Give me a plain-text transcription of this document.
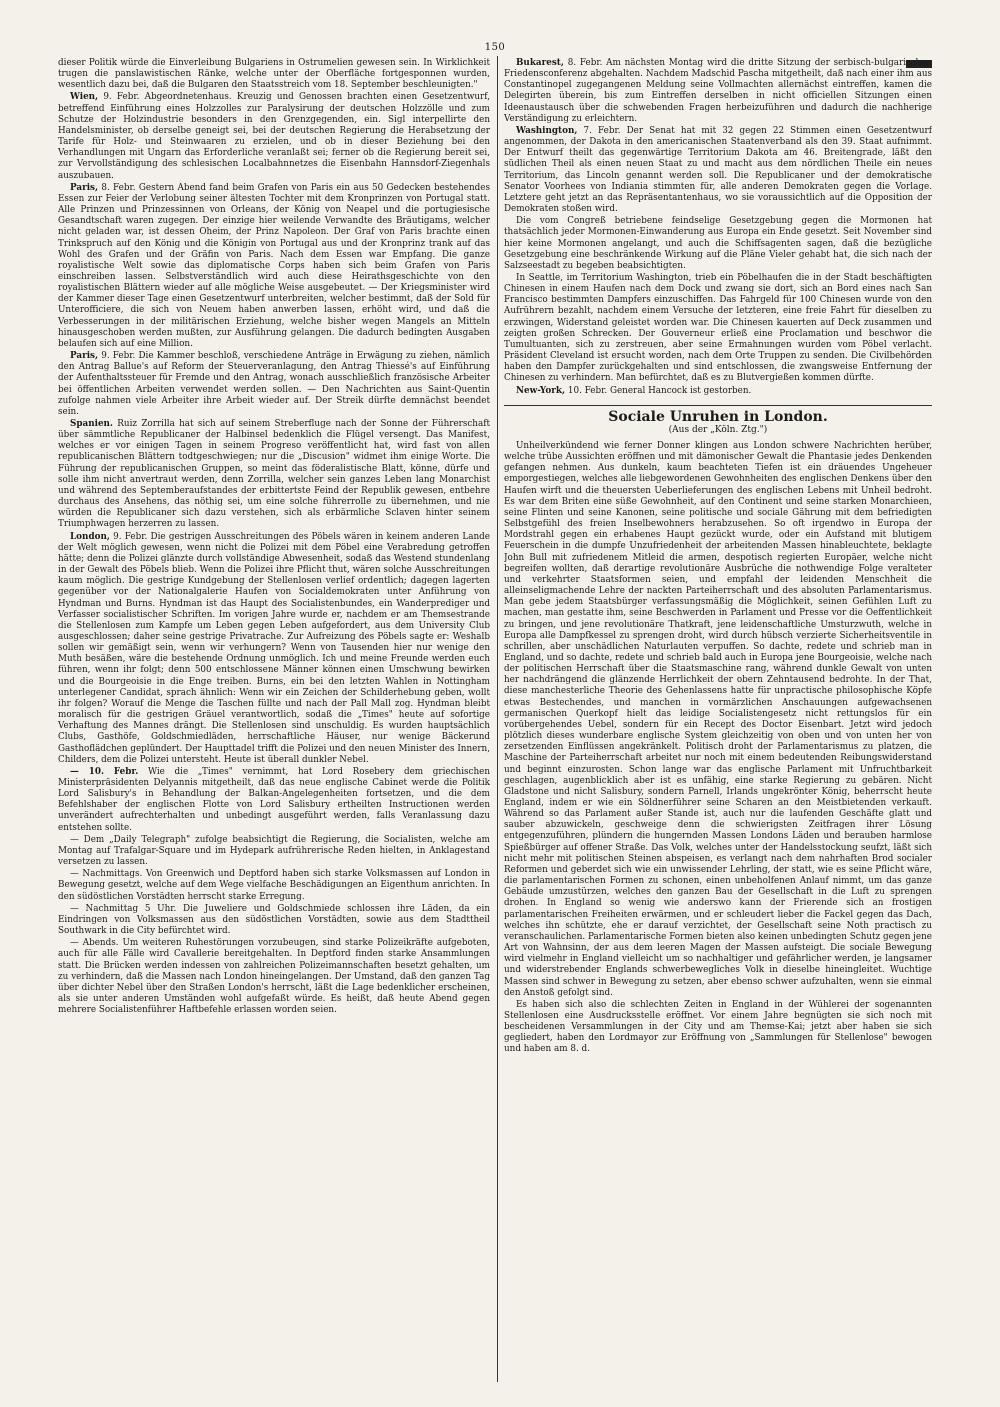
150

dieser Politik würde die Einverleibung Bulgariens in Ostrumelien gewesen sein. In Wirklichkeit trugen die panslawistischen Ränke, welche unter der Oberfläche fortgesponnen wurden, wesentlich dazu bei, daß die Bulgaren den Staatsstreich vom 18. September beschleunigten."

Wien, 9. Febr. Abgeordnetenhaus. Kreuzig und Genossen brachten einen Gesetzentwurf, betreffend Einführung eines Holzzolles zur Paralysirung der deutschen Holzzölle und zum Schutze der Holzindustrie besonders in den Grenzgegenden, ein. Sigl interpellirte den Handelsminister, ob derselbe geneigt sei, bei der deutschen Regierung die Herabsetzung der Tarife für Holz- und Steinwaaren zu erzielen, und ob in dieser Beziehung bei den Verhandlungen mit Ungarn das Erforderliche veranlaßt sei; ferner ob die Regierung bereit sei, zur Vervollständigung des schlesischen Localbahnnetzes die Eisenbahn Hannsdorf-Ziegenhals auszubauen.

Paris, 8. Febr. Gestern Abend fand beim Grafen von Paris ein aus 50 Gedecken bestehendes Essen zur Feier der Verlobung seiner ältesten Tochter mit dem Kronprinzen von Portugal statt. Alle Prinzen und Prinzessinnen von Orleans, der König von Neapel und die portugiesische Gesandtschaft waren zugegen. Der einzige hier weilende Verwandte des Bräutigams, welcher nicht geladen war, ist dessen Oheim, der Prinz Napoleon. Der Graf von Paris brachte einen Trinkspruch auf den König und die Königin von Portugal aus und der Kronprinz trank auf das Wohl des Grafen und der Gräfin von Paris. Nach dem Essen war Empfang. Die ganze royalistische Welt sowie das diplomatische Corps haben sich beim Grafen von Paris einschreiben lassen. Selbstverständlich wird auch diese Heirathsgeschichte von den royalistischen Blättern wieder auf alle mögliche Weise ausgebeutet. — Der Kriegsminister wird der Kammer dieser Tage einen Gesetzentwurf unterbreiten, welcher bestimmt, daß der Sold für Unterofficiere, die sich von Neuem haben anwerben lassen, erhöht wird, und daß die Verbesserungen in der militärischen Erziehung, welche bisher wegen Mangels an Mitteln hinausgeschoben werden mußten, zur Ausführung gelangen. Die dadurch bedingten Ausgaben belaufen sich auf eine Million.

Paris, 9. Febr. Die Kammer beschloß, verschiedene Anträge in Erwägung zu ziehen, nämlich den Antrag Ballue's auf Reform der Steuerveranlagung, den Antrag Thiessé's auf Einführung der Aufenthaltssteuer für Fremde und den Antrag, wonach ausschließlich französische Arbeiter bei öffentlichen Arbeiten verwendet werden sollen. — Den Nachrichten aus Saint-Quentin zufolge nahmen viele Arbeiter ihre Arbeit wieder auf. Der Streik dürfte demnächst beendet sein.

Spanien. Ruiz Zorrilla hat sich auf seinem Streberfluge nach der Sonne der Führerschaft über sämmtliche Republicaner der Halbinsel bedenklich die Flügel versengt. Das Manifest, welches er vor einigen Tagen in seinem Progreso veröffentlicht hat, wird fast von allen republicanischen Blättern todtgeschwiegen; nur die „Discusion" widmet ihm einige Worte. Die Führung der republicanischen Gruppen, so meint das föderalistische Blatt, könne, dürfe und solle ihm nicht anvertraut werden, denn Zorrilla, welcher sein ganzes Leben lang Monarchist und während des Septemberaufstandes der erbittertste Feind der Republik gewesen, entbehre durchaus des Ansehens, das nöthig sei, um eine solche führerrolle zu übernehmen, und nie würden die Republicaner sich dazu verstehen, sich als erbärmliche Sclaven hinter seinem Triumphwagen herzerren zu lassen.

London, 9. Febr. Die gestrigen Ausschreitungen des Pöbels wären in keinem anderen Lande der Welt möglich gewesen, wenn nicht die Polizei mit dem Pöbel eine Verabredung getroffen hätte; denn die Polizei glänzte durch vollständige Abwesenheit, sodaß das Westend stundenlang in der Gewalt des Pöbels blieb. Wenn die Polizei ihre Pflicht thut, wären solche Ausschreitungen kaum möglich. Die gestrige Kundgebung der Stellenlosen verlief ordentlich; dagegen lagerten gegenüber vor der Nationalgalerie Haufen von Socialdemokraten unter Anführung von Hyndman und Burns. Hyndman ist das Haupt des Socialistenbundes, ein Wanderprediger und Verfasser socialistischer Schriften. Im vorigen Jahre wurde er, nachdem er am Themsestrande die Stellenlosen zum Kampfe um Leben gegen Leben aufgefordert, aus dem University Club ausgeschlossen; daher seine gestrige Privatrache. Zur Aufreizung des Pöbels sagte er: Weshalb sollen wir gemäßigt sein, wenn wir verhungern? Wenn von Tausenden hier nur wenige den Muth besäßen, wäre die bestehende Ordnung unmöglich. Ich und meine Freunde werden euch führen, wenn ihr folgt; denn 500 entschlossene Männer können einen Umschwung bewirken und die Bourgeoisie in die Enge treiben. Burns, ein bei den letzten Wahlen in Nottingham unterlegener Candidat, sprach ähnlich: Wenn wir ein Zeichen der Schilderhebung geben, wollt ihr folgen? Worauf die Menge die Taschen füllte und nach der Pall Mall zog. Hyndman bleibt moralisch für die gestrigen Gräuel verantwortlich, sodaß die „Times" heute auf sofortige Verhaftung des Mannes drängt. Die Stellenlosen sind unschuldig. Es wurden hauptsächlich Clubs, Gasthöfe, Goldschmiedläden, herrschaftliche Häuser, nur wenige Bäckerund Gasthoflädchen geplündert. Der Haupttadel trifft die Polizei und den neuen Minister des Innern, Childers, dem die Polizei untersteht. Heute ist überall dunkler Nebel.

— 10. Febr. Wie die „Times" vernimmt, hat Lord Rosebery dem griechischen Ministerpräsidenten Delyannis mitgetheilt, daß das neue englische Cabinet werde die Politik Lord Salisbury's in Behandlung der Balkan-Angelegenheiten fortsetzen, und die dem Befehlshaber der englischen Flotte von Lord Salisbury ertheilten Instructionen werden unverändert aufrechterhalten und unbedingt ausgeführt werden, falls Veranlassung dazu entstehen sollte.

— Dem „Daily Telegraph" zufolge beabsichtigt die Regierung, die Socialisten, welche am Montag auf Trafalgar-Square und im Hydepark aufrührerische Reden hielten, in Anklagestand versetzen zu lassen.

— Nachmittags. Von Greenwich und Deptford haben sich starke Volksmassen auf London in Bewegung gesetzt, welche auf dem Wege vielfache Beschädigungen an Eigenthum anrichten. In den südöstlichen Vorstädten herrscht starke Erregung.

— Nachmittag 5 Uhr. Die Juweliere und Goldschmiede schlossen ihre Läden, da ein Eindringen von Volksmassen aus den südöstlichen Vorstädten, sowie aus dem Stadttheil Southwark in die City befürchtet wird.

— Abends. Um weiteren Ruhestörungen vorzubeugen, sind starke Polizeikräfte aufgeboten, auch für alle Fälle wird Cavallerie bereitgehalten. In Deptford finden starke Ansammlungen statt. Die Brücken werden indessen von zahlreichen Polizeimannschaften besetzt gehalten, um zu verhindern, daß die Massen nach London hineingelangen. Der Umstand, daß den ganzen Tag über dichter Nebel über den Straßen London's herrscht, läßt die Lage bedenklicher erscheinen, als sie unter anderen Umständen wohl aufgefaßt würde. Es heißt, daß heute Abend gegen mehrere Socialistenführer Haftbefehle erlassen worden seien.

Bukarest, 8. Febr. Am nächsten Montag wird die dritte Sitzung der serbisch-bulgarischen Friedensconferenz abgehalten. Nachdem Madschid Pascha mitgetheilt, daß nach einer ihm aus Constantinopel zugegangenen Meldung seine Vollmachten allernächst eintreffen, kamen die Delegirten überein, bis zum Eintreffen derselben in nicht officiellen Sitzungen einen Ideenaustausch über die schwebenden Fragen herbeizuführen und dadurch die nachherige Verständigung zu erleichtern.

Washington, 7. Febr. Der Senat hat mit 32 gegen 22 Stimmen einen Gesetzentwurf angenommen, der Dakota in den americanischen Staatenverband als den 39. Staat aufnimmt. Der Entwurf theilt das gegenwärtige Territorium Dakota am 46. Breitengrade, läßt den südlichen Theil als einen neuen Staat zu und macht aus dem nördlichen Theile ein neues Territorium, das Lincoln genannt werden soll. Die Republicaner und der demokratische Senator Voorhees von Indiania stimmten für, alle anderen Demokraten gegen die Vorlage. Letztere geht jetzt an das Repräsentantenhaus, wo sie voraussichtlich auf die Opposition der Demokraten stoßen wird.

Die vom Congreß betriebene feindselige Gesetzgebung gegen die Mormonen hat thatsächlich jeder Mormonen-Einwanderung aus Europa ein Ende gesetzt. Seit November sind hier keine Mormonen angelangt, und auch die Schiffsagenten sagen, daß die bezügliche Gesetzgebung eine beschränkende Wirkung auf die Pläne Vieler gehabt hat, die sich nach der Salzseestadt zu begeben beabsichtigten.

In Seattle, im Territorium Washington, trieb ein Pöbelhaufen die in der Stadt beschäftigten Chinesen in einem Haufen nach dem Dock und zwang sie dort, sich an Bord eines nach San Francisco bestimmten Dampfers einzuschiffen. Das Fahrgeld für 100 Chinesen wurde von den Aufrührern bezahlt, nachdem einem Versuche der letzteren, eine freie Fahrt für dieselben zu erzwingen, Widerstand geleistet worden war. Die Chinesen kauerten auf Deck zusammen und zeigten großen Schrecken. Der Gouverneur erließ eine Proclamation und beschwor die Tumultuanten, sich zu zerstreuen, aber seine Ermahnungen wurden vom Pöbel verlacht. Präsident Cleveland ist ersucht worden, nach dem Orte Truppen zu senden. Die Civilbehörden haben den Dampfer zurückgehalten und sind entschlossen, die zwangsweise Entfernung der Chinesen zu verhindern. Man befürchtet, daß es zu Blutvergießen kommen dürfte.

New-York, 10. Febr. General Hancock ist gestorben.

Sociale Unruhen in London.
(Aus der „Köln. Ztg.")

Unheilverkündend wie ferner Donner klingen aus London schwere Nachrichten herüber, welche trübe Aussichten eröffnen und mit dämonischer Gewalt die Phantasie jedes Denkenden gefangen nehmen. Aus dunkeln, kaum beachteten Tiefen ist ein dräuendes Ungeheuer emporgestiegen, welches alle liebgewordenen Gewohnheiten des englischen Denkens über den Haufen wirft und die theuersten Ueberlieferungen des englischen Lebens mit Unheil bedroht. Es war dem Briten eine süße Gewohnheit, auf den Continent und seine starken Monarchieen, seine Flinten und seine Kanonen, seine politische und sociale Gährung mit dem befriedigten Selbstgefühl des freien Inselbewohners herabzusehen. So oft irgendwo in Europa der Mordstrahl gegen ein erhabenes Haupt gezückt wurde, oder ein Aufstand mit blutigem Feuerschein in die dumpfe Unzufriedenheit der arbeitenden Massen hinableuchtete, beklagte John Bull mit zufriedenem Mitleid die armen, despotisch regierten Europäer, welche nicht begreifen wollten, daß derartige revolutionäre Ausbrüche die nothwendige Folge veralteter und verkehrter Staatsformen seien, und empfahl der leidenden Menschheit die alleinseligmachende Lehre der nackten Parteiherrschaft und des absoluten Parlamentarismus. Man gebe jedem Staatsbürger verfassungsmäßig die Möglichkeit, seinen Gefühlen Luft zu machen, man gestatte ihm, seine Beschwerden in Parlament und Presse vor die Oeffentlichkeit zu bringen, und jene revolutionäre Thatkraft, jene leidenschaftliche Umsturzwuth, welche in Europa alle Dampfkessel zu sprengen droht, wird durch hübsch verzierte Sicherheitsventile in schrillen, aber unschädlichen Naturlauten verpuffen. So dachte, redete und schrieb man in England, und so dachte, redete und schrieb bald auch in Europa jene Bourgeoisie, welche nach der politischen Herrschaft über die Staatsmaschine rang, während dunkle Gewalt von unten her nachdrängend die glänzende Herrlichkeit der obern Zehntausend bedrohte. In der That, diese manchesterliche Theorie des Gehenlassens hatte für unpractische philosophische Köpfe etwas Bestechendes, und manchen in vormärzlichen Anschauungen aufgewachsenen germanischen Querkopf hielt das leidige Socialistengesetz nicht rettungslos für ein vorübergehendes Uebel, sondern für ein Recept des Doctor Eisenbart. Jetzt wird jedoch plötzlich dieses wunderbare englische System gleichzeitig von oben und von unten her von zersetzenden Einflüssen angekränkelt. Politisch droht der Parlamentarismus zu platzen, die Maschine der Parteiherrschaft arbeitet nur noch mit einem bedeutenden Reibungswiderstand und beginnt einzurosten. Schon lange war das englische Parlament mit Unfruchtbarkeit geschlagen, augenblicklich aber ist es unfähig, eine starke Regierung zu gebären. Nicht Gladstone und nicht Salisbury, sondern Parnell, Irlands ungekrönter König, beherrscht heute England, indem er wie ein Söldnerführer seine Scharen an den Meistbietenden verkauft. Während so das Parlament außer Stande ist, auch nur die laufenden Geschäfte glatt und sauber abzuwickeln, geschweige denn die schwierigsten Zeitfragen ihrer Lösung entgegenzuführen, plündern die hungernden Massen Londons Läden und berauben harmlose Spießbürger auf offener Straße. Das Volk, welches unter der Handelsstockung seufzt, läßt sich nicht mehr mit politischen Steinen abspeisen, es verlangt nach dem nahrhaften Brod socialer Reformen und geberdet sich wie ein unwissender Lehrling, der statt, wie es seine Pflicht wäre, die parlamentarischen Formen zu schonen, einen unbeholfenen Anlauf nimmt, um das ganze Gebäude umzustürzen, welches den ganzen Bau der Gesellschaft in die Luft zu sprengen drohen. In England so wenig wie anderswo kann der Frierende sich an frostigen parlamentarischen Freiheiten erwärmen, und er schleudert lieber die Fackel gegen das Dach, welches ihn schützte, ehe er darauf verzichtet, der Gesellschaft seine Noth practisch zu veranschaulichen. Parlamentarische Formen bieten also keinen unbedingten Schutz gegen jene Art von Wahnsinn, der aus dem leeren Magen der Massen aufsteigt. Die sociale Bewegung wird vielmehr in England vielleicht um so nachhaltiger und gefährlicher werden, je langsamer und widerstrebender Englands schwerbewegliches Volk in dieselbe hineingleitet. Wuchtige Massen sind schwer in Bewegung zu setzen, aber ebenso schwer aufzuhalten, wenn sie einmal den Anstoß gefolgt sind.

Es haben sich also die schlechten Zeiten in England in der Wühlerei der sogenannten Stellenlosen eine Ausdrucksstelle eröffnet. Vor einem Jahre begnügten sie sich noch mit bescheidenen Versammlungen in der City und am Themse-Kai; jetzt aber haben sie sich gegliedert, haben den Lordmayor zur Eröffnung von „Sammlungen für Stellenlose" bewogen und haben am 8. d.
